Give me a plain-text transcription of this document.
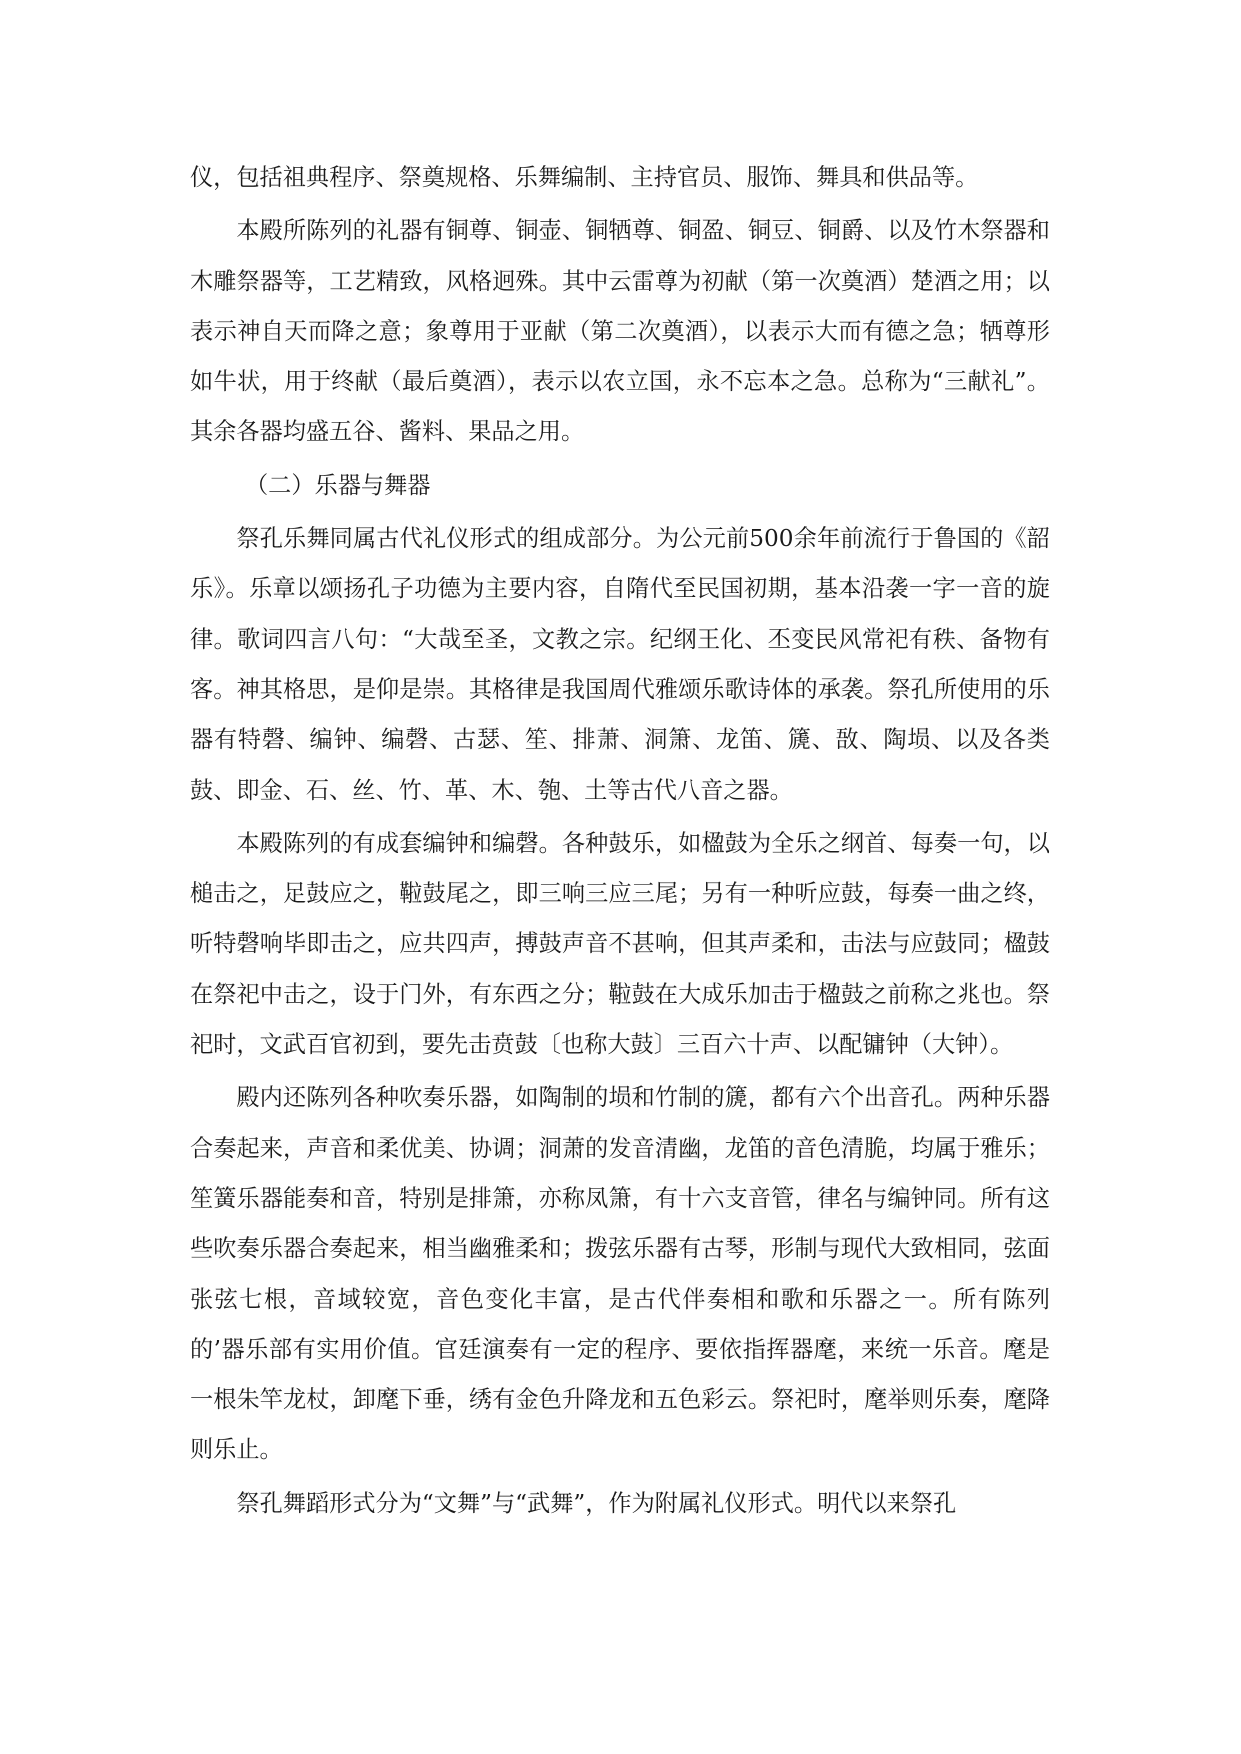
仪，包括祖典程序、祭奠规格、乐舞编制、主持官员、服饰、舞具和供品等。

本殿所陈列的礼器有铜尊、铜壶、铜牺尊、铜盈、铜豆、铜爵、以及竹木祭器和木雕祭器等，工艺精致，风格迥殊。其中云雷尊为初献（第一次奠酒）楚酒之用；以表示神自天而降之意；象尊用于亚献（第二次奠酒），以表示大而有德之急；牺尊形如牛状，用于终献（最后奠酒），表示以农立国，永不忘本之急。总称为“三献礼”。其余各器均盛五谷、酱料、果品之用。

（二）乐器与舞器

祭孔乐舞同属古代礼仪形式的组成部分。为公元前500余年前流行于鲁国的《韶乐》。乐章以颂扬孔子功德为主要内容，自隋代至民国初期，基本沿袭一字一音的旋律。歌词四言八句：“大哉至圣，文教之宗。纪纲王化、丕变民风常祀有秩、备物有客。神其格思，是仰是崇。其格律是我国周代雅颂乐歌诗体的承袭。祭孔所使用的乐器有特磬、编钟、编磬、古瑟、笙、排萧、洞箫、龙笛、篪、敔、陶埙、以及各类鼓、即金、石、丝、竹、革、木、匏、土等古代八音之器。

本殿陈列的有成套编钟和编磬。各种鼓乐，如楹鼓为全乐之纲首、每奏一句，以槌击之，足鼓应之，鞡鼓尾之，即三响三应三尾；另有一种听应鼓，每奏一曲之终，听特磬响毕即击之，应共四声，搏鼓声音不甚响，但其声柔和，击法与应鼓同；楹鼓在祭祀中击之，设于门外，有东西之分；鞡鼓在大成乐加击于楹鼓之前称之兆也。祭祀时，文武百官初到，要先击贲鼓〔也称大鼓〕三百六十声、以配镛钟（大钟）。

殿内还陈列各种吹奏乐器，如陶制的埙和竹制的篪，都有六个出音孔。两种乐器合奏起来，声音和柔优美、协调；洞萧的发音清幽，龙笛的音色清脆，均属于雅乐；笙簧乐器能奏和音，特别是排箫，亦称凤箫，有十六支音管，律名与编钟同。所有这些吹奏乐器合奏起来，相当幽雅柔和；拨弦乐器有古琴，形制与现代大致相同，弦面张弦七根，音域较宽，音色变化丰富，是古代伴奏相和歌和乐器之一。所有陈列的’器乐部有实用价值。官廷演奏有一定的程序、要依指挥器麾，来统一乐音。麾是一根朱竿龙杖，卸麾下垂，绣有金色升降龙和五色彩云。祭祀时，麾举则乐奏，麾降则乐止。

祭孔舞蹈形式分为“文舞”与“武舞”，作为附属礼仪形式。明代以来祭孔
